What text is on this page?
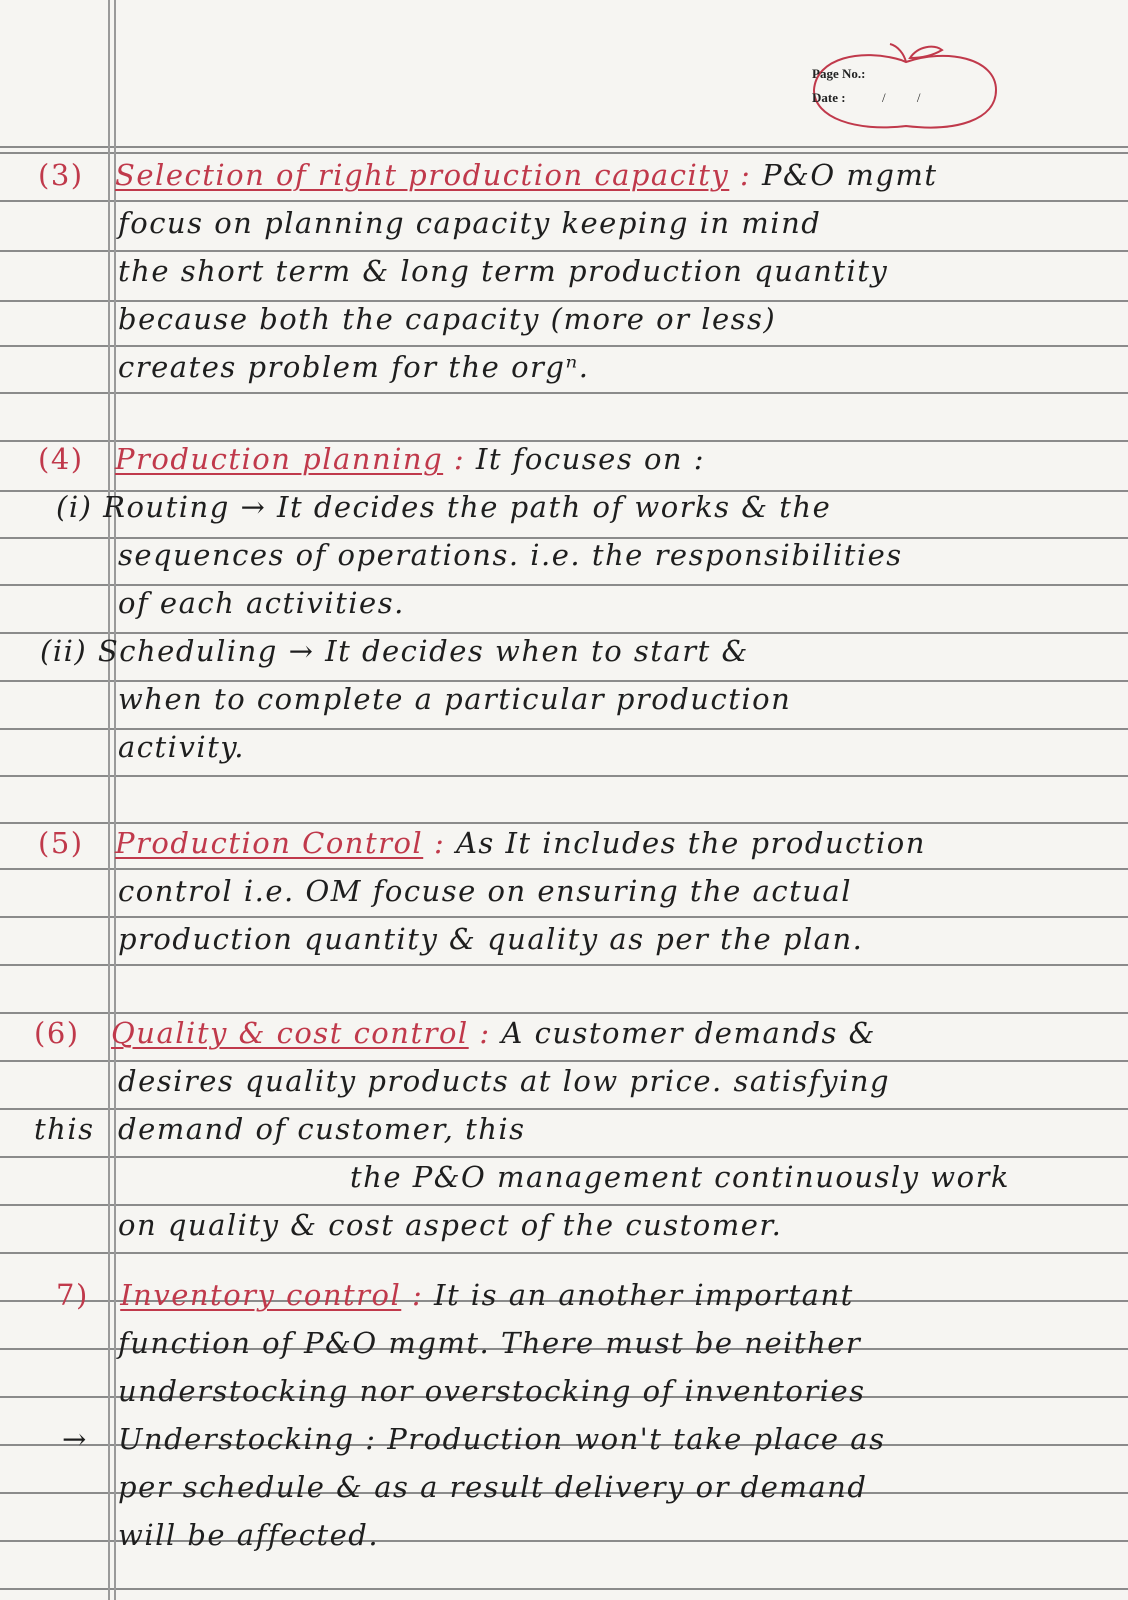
Page No.:
Date :	/ /
(3) Selection of right production capacity : P&O mgmt
focus on planning capacity keeping in mind
the short term & long term production quantity
because both the capacity (more or less)
creates problem for the orgⁿ.
(4) Production planning : It focuses on :
(i) Routing → It decides the path of works & the
sequences of operations. i.e. the responsibilities
of each activities.
(ii) Scheduling → It decides when to start &
when to complete a particular production
activity.
(5) Production Control : As It includes the production
control i.e. OM focuse on ensuring the actual
production quantity & quality as per the plan.
(6) Quality & cost control : A customer demands &
desires quality products at low price. satisfying
this demand of customer, this
the P&O management continuously work
on quality & cost aspect of the customer.
7) Inventory control : It is an another important
function of P&O mgmt. There must be neither
understocking nor overstocking of inventories
→ Understocking : Production won't take place as
per schedule & as a result delivery or demand
will be affected.
